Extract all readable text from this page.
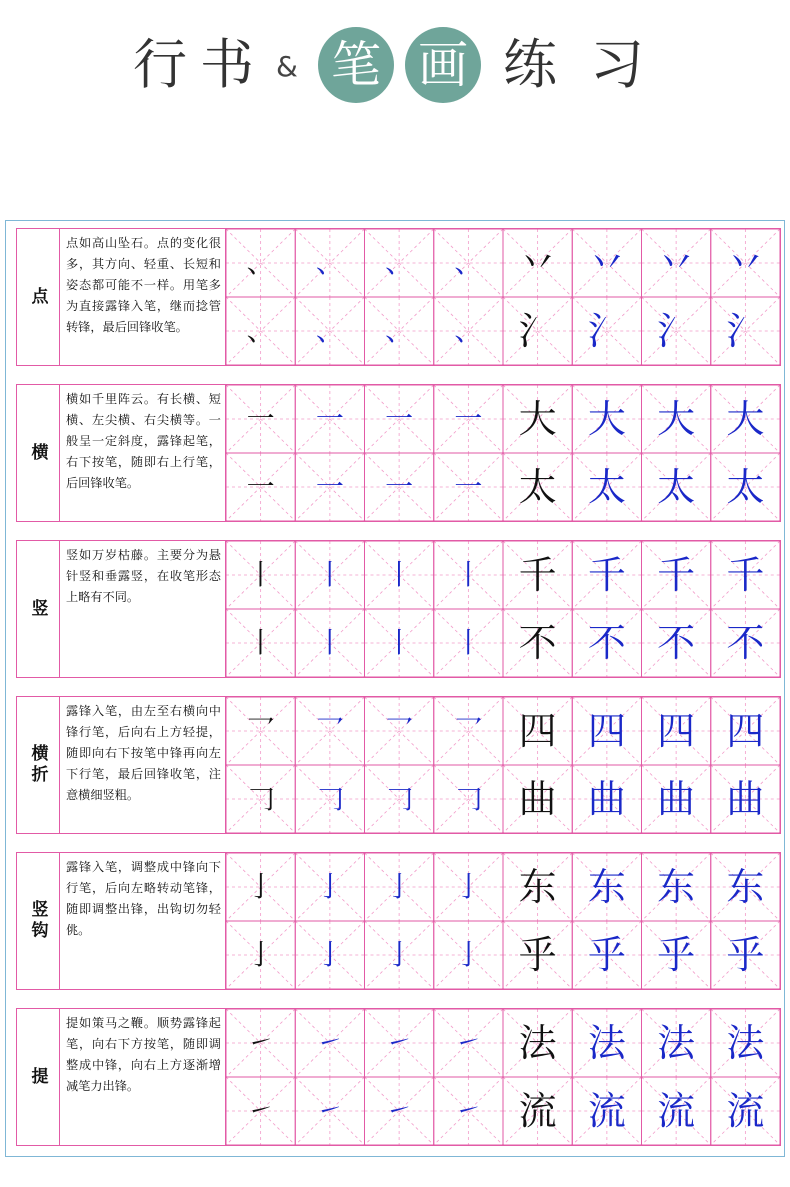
行 书 & 笔 画 练 习
点
点如高山坠石。点的变化很多，其方向、轻重、长短和姿态都可能不一样。用笔多为直接露锋入笔，继而捻管转锋，最后回锋收笔。
、 、 、 、 丷 丷 丷 丷
、 、 、 、 氵 氵 氵 氵
横
横如千里阵云。有长横、短横、左尖横、右尖横等。一般呈一定斜度，露锋起笔，右下按笔，随即右上行笔，后回锋收笔。
一 一 一 一 大 大 大 大
一 一 一 一 太 太 太 太
竖
竖如万岁枯藤。主要分为悬针竖和垂露竖，在收笔形态上略有不同。
丨 丨 丨 丨 千 千 千 千
丨 丨 丨 丨 不 不 不 不
横折
露锋入笔，由左至右横向中锋行笔，后向右上方轻提，随即向右下按笔中锋再向左下行笔，最后回锋收笔，注意横细竖粗。
乛 乛 乛 乛 四 四 四 四
𠃌 𠃌 𠃌 𠃌 曲 曲 曲 曲
竖钩
露锋入笔，调整成中锋向下行笔，后向左略转动笔锋，随即调整出锋，出钩切勿轻佻。
亅 亅 亅 亅 东 东 东 东
亅 亅 亅 亅 乎 乎 乎 乎
提
提如策马之鞭。顺势露锋起笔，向右下方按笔，随即调整成中锋，向右上方逐渐增减笔力出锋。
㇀ ㇀ ㇀ ㇀ 法 法 法 法
㇀ ㇀ ㇀ ㇀ 流 流 流 流
